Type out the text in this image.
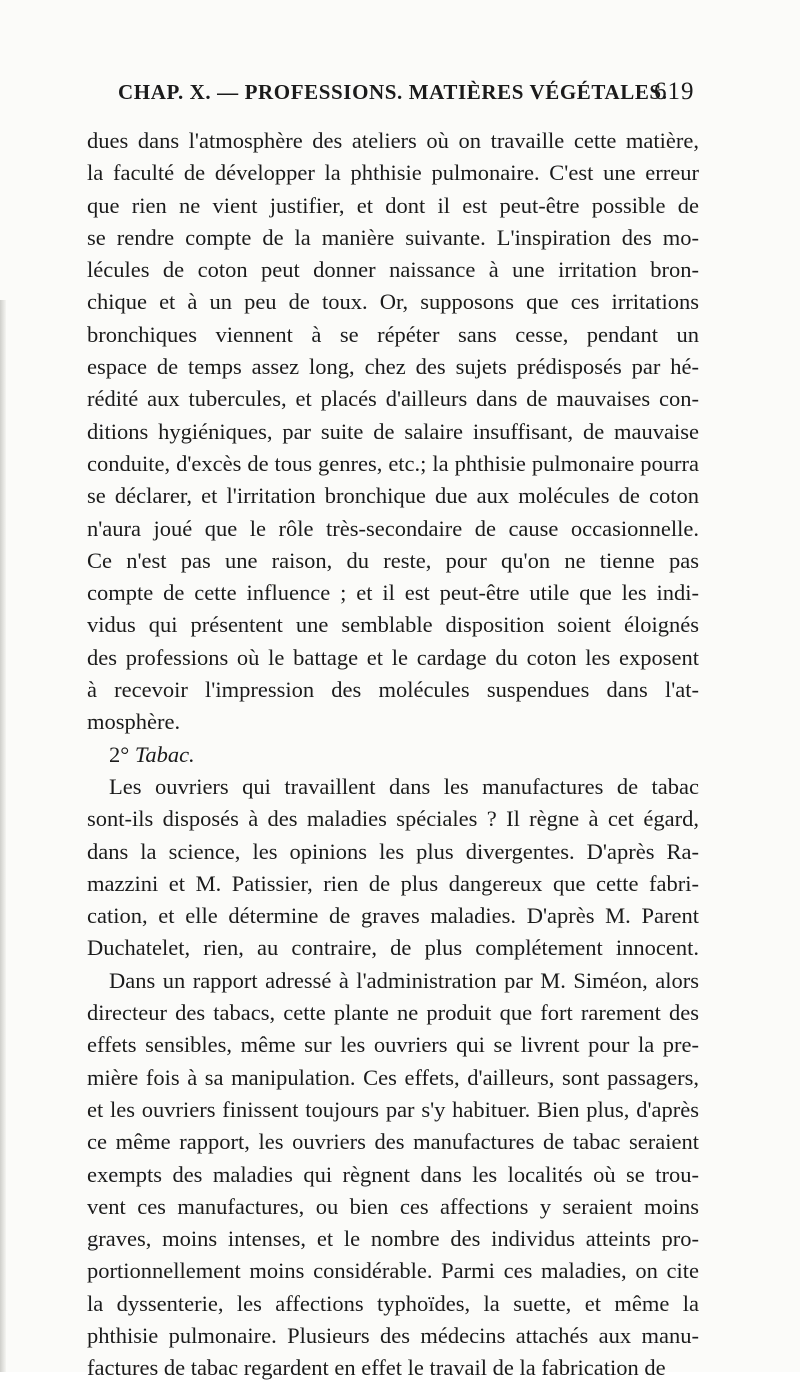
CHAP. X. — PROFESSIONS. MATIÈRES VÉGÉTALES.
619
dues dans l'atmosphère des ateliers où on travaille cette matière,
la faculté de développer la phthisie pulmonaire. C'est une erreur
que rien ne vient justifier, et dont il est peut-être possible de
se rendre compte de la manière suivante. L'inspiration des mo-
lécules de coton peut donner naissance à une irritation bron-
chique et à un peu de toux. Or, supposons que ces irritations
bronchiques viennent à se répéter sans cesse, pendant un
espace de temps assez long, chez des sujets prédisposés par hé-
rédité aux tubercules, et placés d'ailleurs dans de mauvaises con-
ditions hygiéniques, par suite de salaire insuffisant, de mauvaise
conduite, d'excès de tous genres, etc.; la phthisie pulmonaire pourra
se déclarer, et l'irritation bronchique due aux molécules de coton
n'aura joué que le rôle très-secondaire de cause occasionnelle.
Ce n'est pas une raison, du reste, pour qu'on ne tienne pas
compte de cette influence ; et il est peut-être utile que les indi-
vidus qui présentent une semblable disposition soient éloignés
des professions où le battage et le cardage du coton les exposent
à recevoir l'impression des molécules suspendues dans l'at-
mosphère.
2° Tabac.
Les ouvriers qui travaillent dans les manufactures de tabac
sont-ils disposés à des maladies spéciales ? Il règne à cet égard,
dans la science, les opinions les plus divergentes. D'après Ra-
mazzini et M. Patissier, rien de plus dangereux que cette fabri-
cation, et elle détermine de graves maladies. D'après M. Parent
Duchatelet, rien, au contraire, de plus complétement innocent.
Dans un rapport adressé à l'administration par M. Siméon, alors
directeur des tabacs, cette plante ne produit que fort rarement des
effets sensibles, même sur les ouvriers qui se livrent pour la pre-
mière fois à sa manipulation. Ces effets, d'ailleurs, sont passagers,
et les ouvriers finissent toujours par s'y habituer. Bien plus, d'après
ce même rapport, les ouvriers des manufactures de tabac seraient
exempts des maladies qui règnent dans les localités où se trou-
vent ces manufactures, ou bien ces affections y seraient moins
graves, moins intenses, et le nombre des individus atteints pro-
portionnellement moins considérable. Parmi ces maladies, on cite
la dyssenterie, les affections typhoïdes, la suette, et même la
phthisie pulmonaire. Plusieurs des médecins attachés aux manu-
factures de tabac regardent en effet le travail de la fabrication de
